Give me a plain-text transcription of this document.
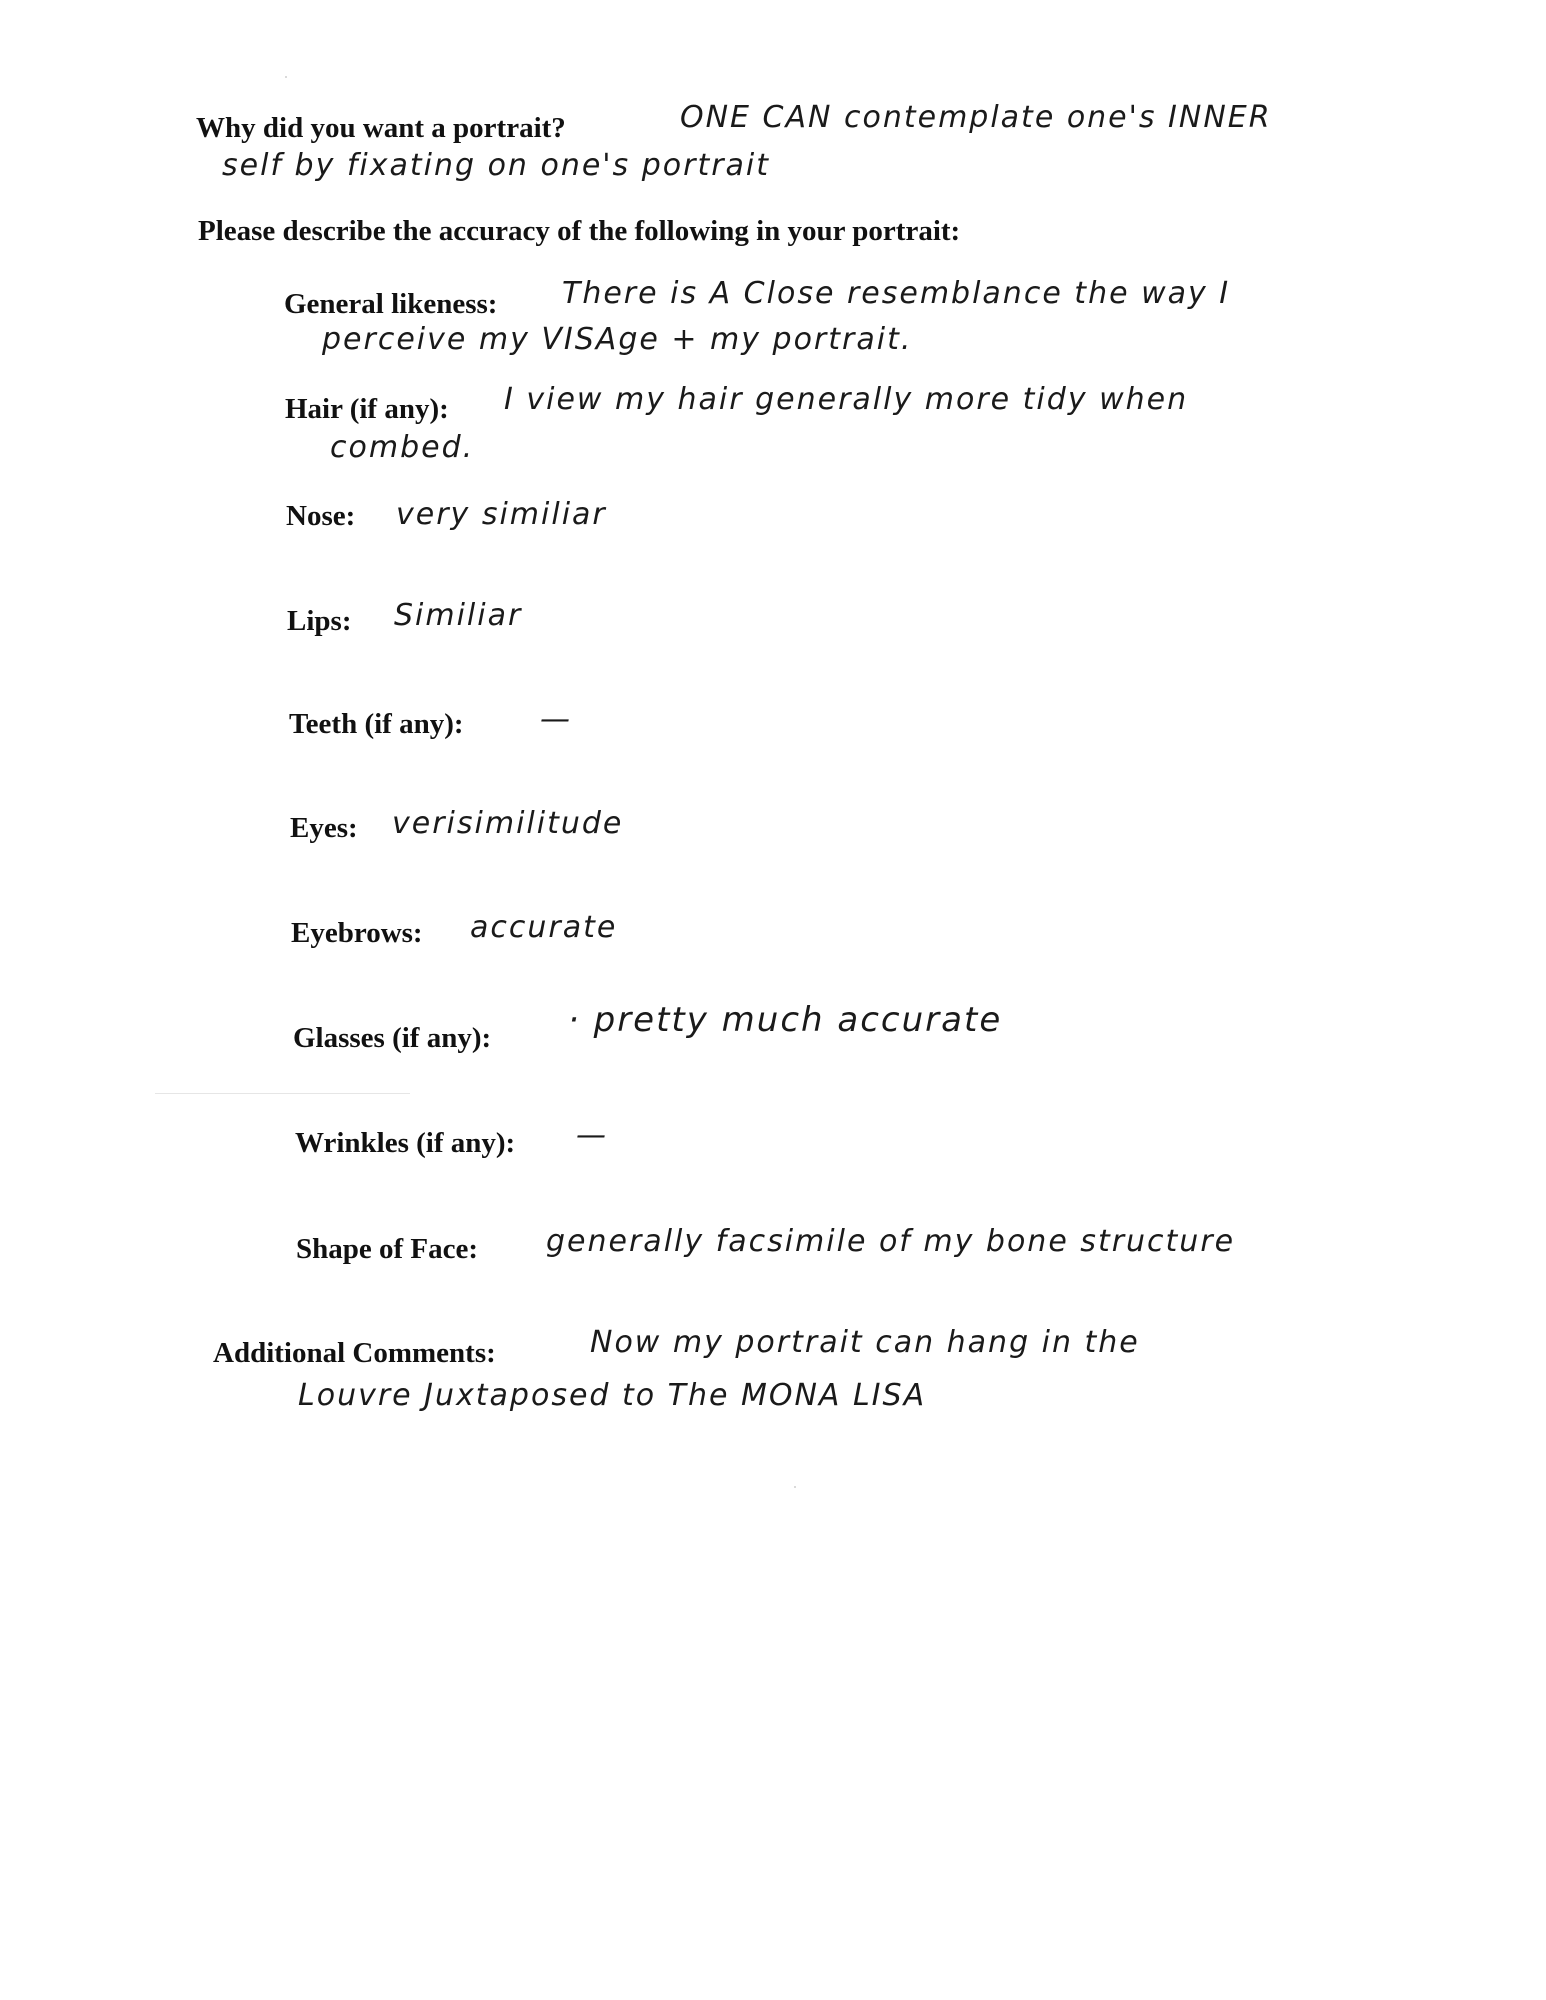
Why did you want a portrait?	ONE CAN contemplate one's INNER
self by fixating on one's portrait
Please describe the accuracy of the following in your portrait:
General likeness: There is A Close resemblance the way I
perceive my VISAge + my portrait.
Hair (if any): I view my hair generally more tidy when
combed.
Nose: very similiar
Lips: Similiar
Teeth (if any):	—
Eyes: verisimilitude
Eyebrows: accurate
Glasses (if any): · pretty much accurate
Wrinkles (if any): —
Shape of Face: generally facsimile of my bone structure
Additional Comments:	Now my portrait can hang in the
Louvre Juxtaposed to The MONA LISA
